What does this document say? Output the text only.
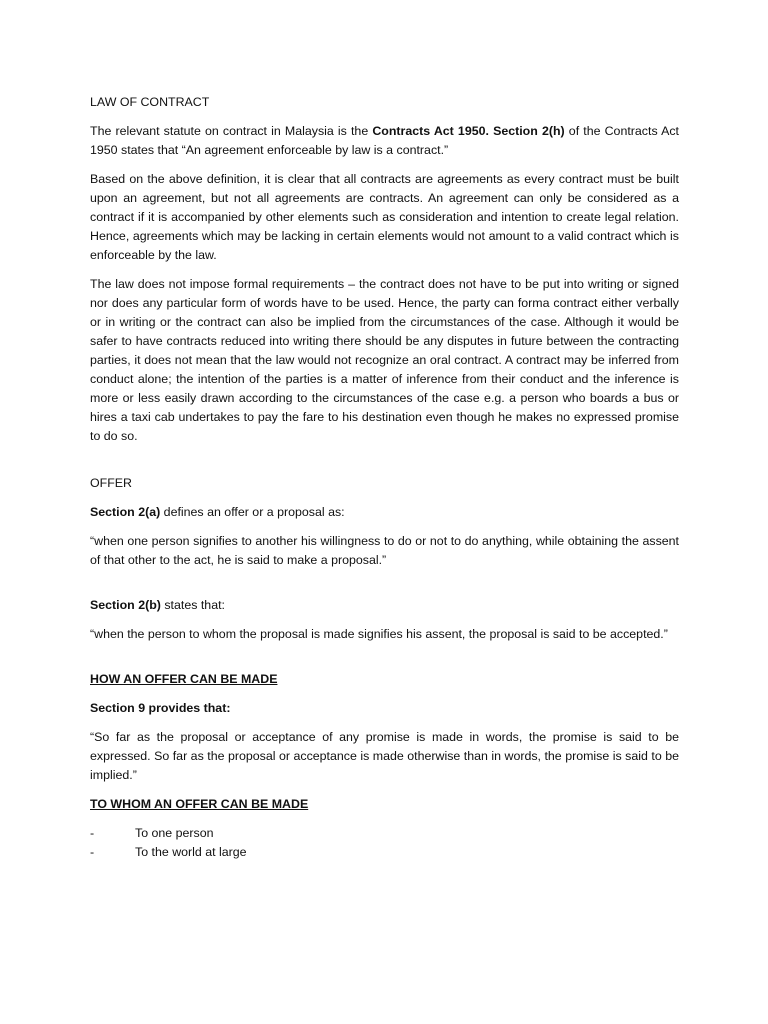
LAW OF CONTRACT

The relevant statute on contract in Malaysia is the Contracts Act 1950. Section 2(h) of the Contracts Act 1950 states that “An agreement enforceable by law is a contract.”

Based on the above definition, it is clear that all contracts are agreements as every contract must be built upon an agreement, but not all agreements are contracts. An agreement can only be considered as a contract if it is accompanied by other elements such as consideration and intention to create legal relation. Hence, agreements which may be lacking in certain elements would not amount to a valid contract which is enforceable by the law.

The law does not impose formal requirements – the contract does not have to be put into writing or signed nor does any particular form of words have to be used. Hence, the party can forma contract either verbally or in writing or the contract can also be implied from the circumstances of the case. Although it would be safer to have contracts reduced into writing there should be any disputes in future between the contracting parties, it does not mean that the law would not recognize an oral contract. A contract may be inferred from conduct alone; the intention of the parties is a matter of inference from their conduct and the inference is more or less easily drawn according to the circumstances of the case e.g. a person who boards a bus or hires a taxi cab undertakes to pay the fare to his destination even though he makes no expressed promise to do so.

OFFER

Section 2(a) defines an offer or a proposal as:

“when one person signifies to another his willingness to do or not to do anything, while obtaining the assent of that other to the act, he is said to make a proposal.”

Section 2(b) states that:

“when the person to whom the proposal is made signifies his assent, the proposal is said to be accepted.”

HOW AN OFFER CAN BE MADE

Section 9 provides that:

“So far as the proposal or acceptance of any promise is made in words, the promise is said to be expressed. So far as the proposal or acceptance is made otherwise than in words, the promise is said to be implied.”

TO WHOM AN OFFER CAN BE MADE

-	To one person
-	To the world at large
